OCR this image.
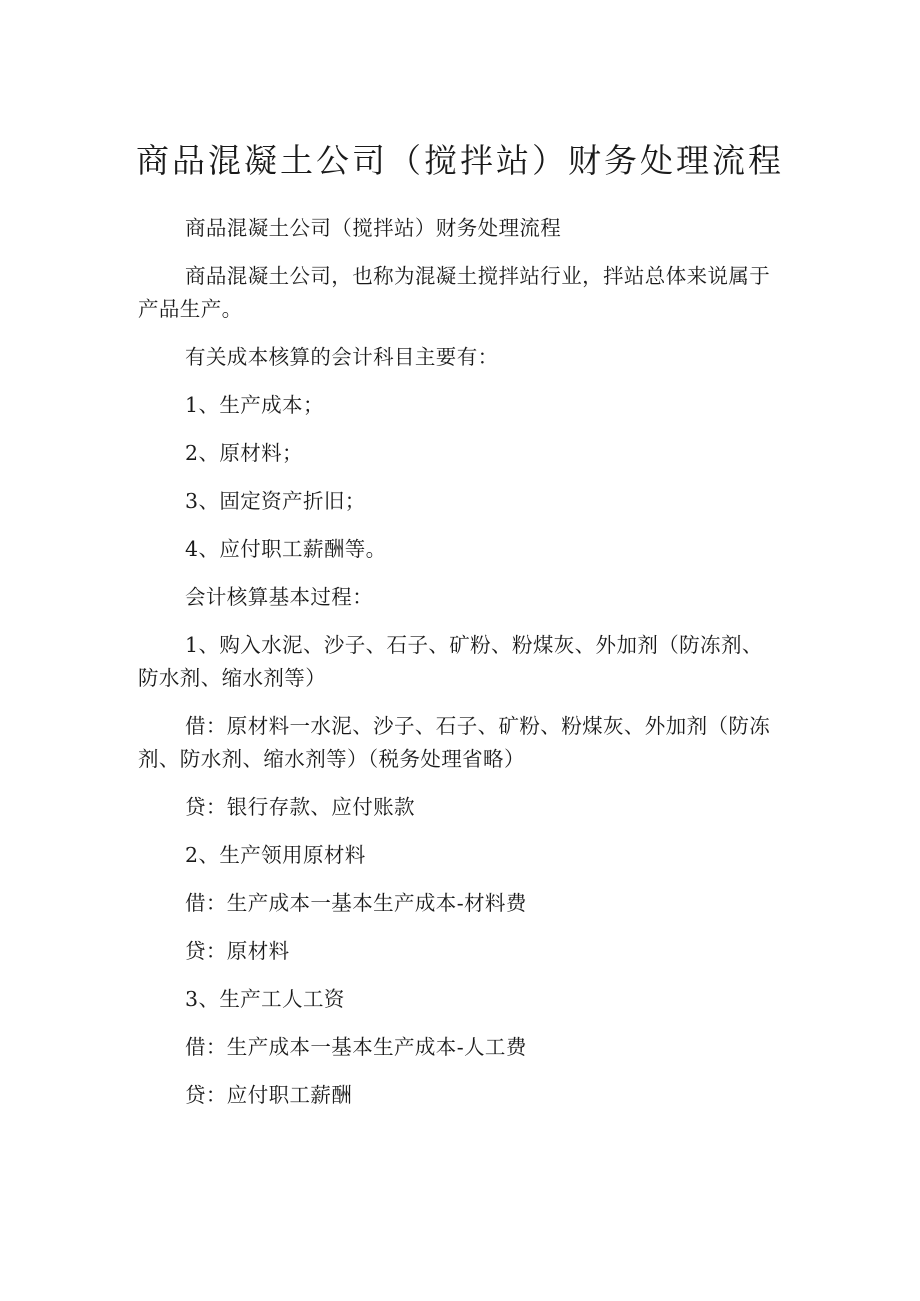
商品混凝土公司（搅拌站）财务处理流程

商品混凝土公司（搅拌站）财务处理流程

商品混凝土公司，也称为混凝土搅拌站行业，拌站总体来说属于产品生产。

有关成本核算的会计科目主要有：

1、生产成本；

2、原材料；

3、固定资产折旧；

4、应付职工薪酬等。

会计核算基本过程：

1、购入水泥、沙子、石子、矿粉、粉煤灰、外加剂（防冻剂、防水剂、缩水剂等）

借：原材料一水泥、沙子、石子、矿粉、粉煤灰、外加剂（防冻剂、防水剂、缩水剂等）（税务处理省略）

贷：银行存款、应付账款

2、生产领用原材料

借：生产成本一基本生产成本-材料费

贷：原材料

3、生产工人工资

借：生产成本一基本生产成本-人工费

贷：应付职工薪酬
